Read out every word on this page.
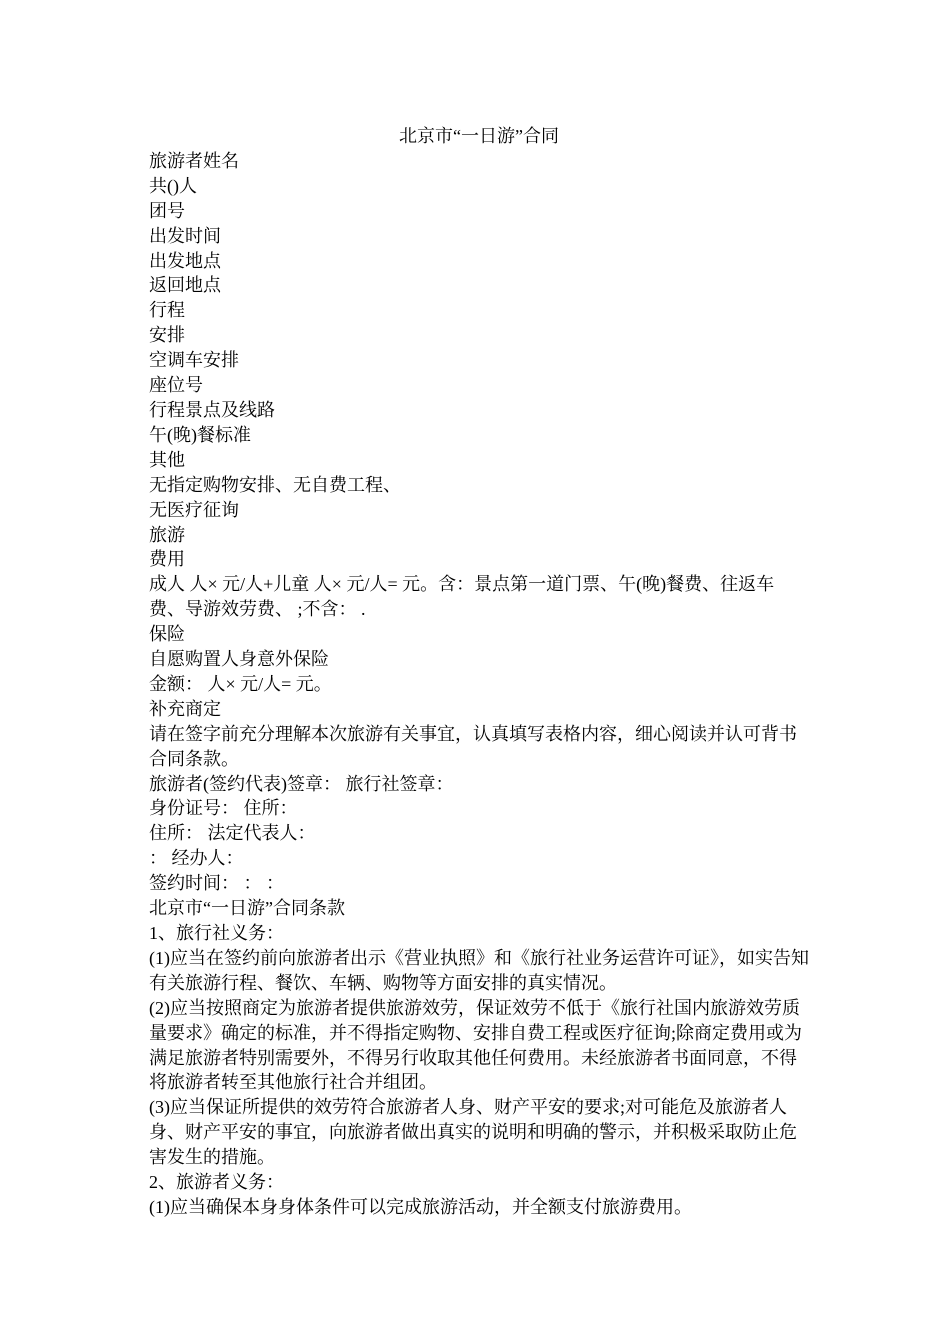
北京市“一日游”合同

旅游者姓名

共()人

团号

出发时间

出发地点

返回地点

行程

安排

空调车安排

座位号

行程景点及线路

午(晚)餐标准

其他

无指定购物安排、无自费工程、

无医疗征询

旅游

费用

成人 人× 元/人+儿童 人× 元/人= 元。含：景点第一道门票、午(晚)餐费、往返车费、导游效劳费、 ;不含： .

保险

自愿购置人身意外保险

金额： 人× 元/人= 元。

补充商定

请在签字前充分理解本次旅游有关事宜，认真填写表格内容，细心阅读并认可背书合同条款。

旅游者(签约代表)签章： 旅行社签章：

身份证号： 住所：

住所： 法定代表人：

： 经办人：

签约时间： ： ：

北京市“一日游”合同条款

1、旅行社义务：

(1)应当在签约前向旅游者出示《营业执照》和《旅行社业务运营许可证》，如实告知有关旅游行程、餐饮、车辆、购物等方面安排的真实情况。

(2)应当按照商定为旅游者提供旅游效劳，保证效劳不低于《旅行社国内旅游效劳质量要求》确定的标准，并不得指定购物、安排自费工程或医疗征询;除商定费用或为满足旅游者特别需要外，不得另行收取其他任何费用。未经旅游者书面同意，不得将旅游者转至其他旅行社合并组团。

(3)应当保证所提供的效劳符合旅游者人身、财产平安的要求;对可能危及旅游者人身、财产平安的事宜，向旅游者做出真实的说明和明确的警示，并积极采取防止危害发生的措施。

2、旅游者义务：

(1)应当确保本身身体条件可以完成旅游活动，并全额支付旅游费用。
